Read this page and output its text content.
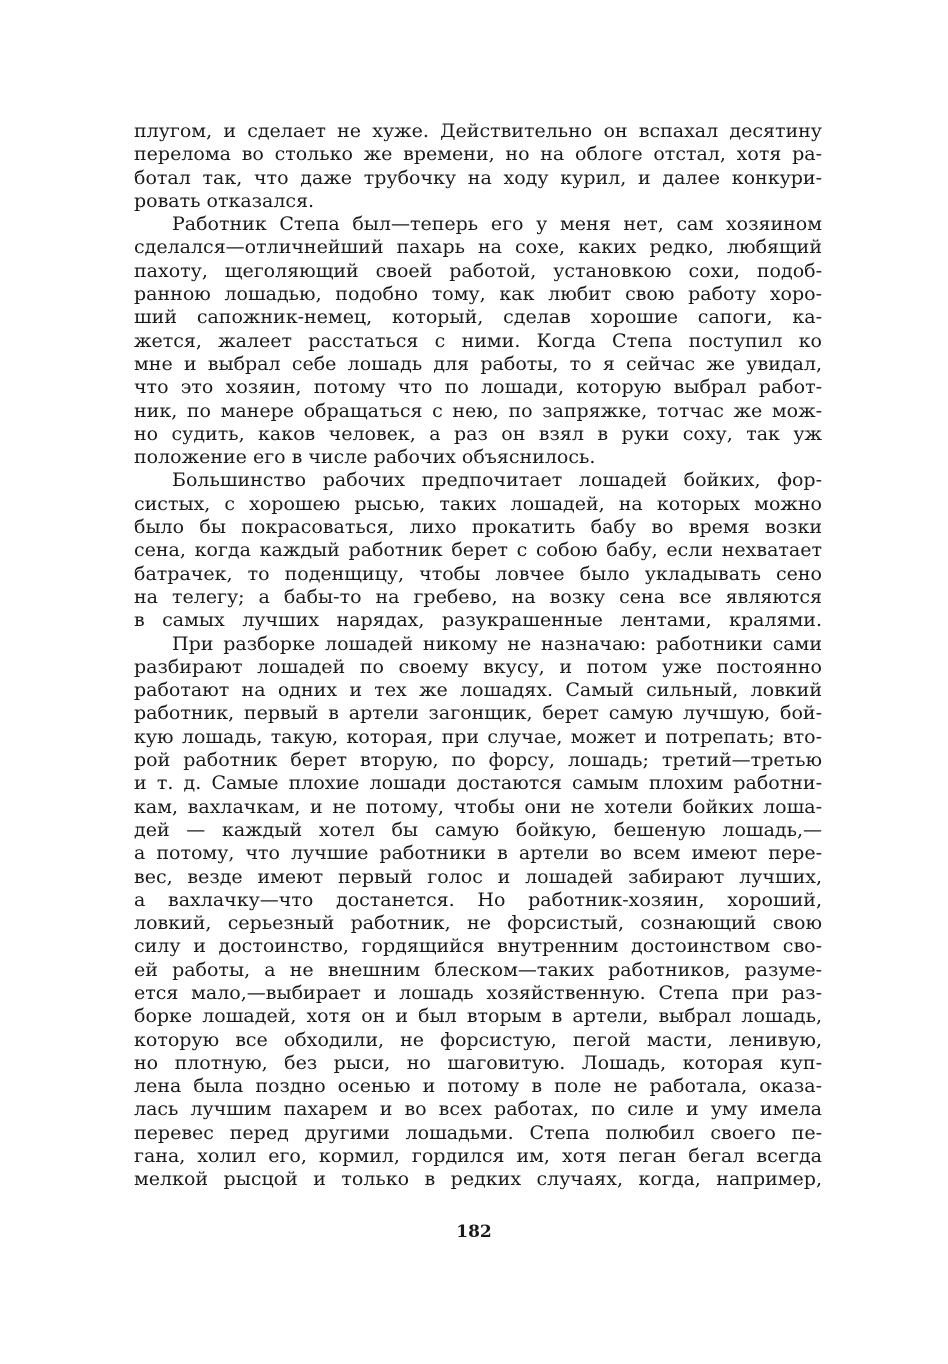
плугом, и сделает не хуже. Действительно он вспахал десятину
перелома во столько же времени, но на облоге отстал, хотя ра-
ботал так, что даже трубочку на ходу курил, и далее конкури-
ровать отказался.
Работник Степа был—теперь его у меня нет, сам хозяином
сделался—отличнейший пахарь на сохе, каких редко, любящий
пахоту, щеголяющий своей работой, установкою сохи, подоб-
ранною лошадью, подобно тому, как любит свою работу хоро-
ший сапожник-немец, который, сделав хорошие сапоги, ка-
жется, жалеет расстаться с ними. Когда Степа поступил ко
мне и выбрал себе лошадь для работы, то я сейчас же увидал,
что это хозяин, потому что по лошади, которую выбрал работ-
ник, по манере обращаться с нею, по запряжке, тотчас же мож-
но судить, каков человек, а раз он взял в руки соху, так уж
положение его в числе рабочих объяснилось.
Большинство рабочих предпочитает лошадей бойких, фор-
систых, с хорошею рысью, таких лошадей, на которых можно
было бы покрасоваться, лихо прокатить бабу во время возки
сена, когда каждый работник берет с собою бабу, если нехватает
батрачек, то поденщицу, чтобы ловчее было укладывать сено
на телегу; а бабы-то на гребево, на возку сена все являются
в самых лучших нарядах, разукрашенные лентами, кралями.
При разборке лошадей никому не назначаю: работники сами
разбирают лошадей по своему вкусу, и потом уже постоянно
работают на одних и тех же лошадях. Самый сильный, ловкий
работник, первый в артели загонщик, берет самую лучшую, бой-
кую лошадь, такую, которая, при случае, может и потрепать; вто-
рой работник берет вторую, по форсу, лошадь; третий—третью
и т. д. Самые плохие лошади достаются самым плохим работни-
кам, вахлачкам, и не потому, чтобы они не хотели бойких лоша-
дей — каждый хотел бы самую бойкую, бешеную лошадь,—
а потому, что лучшие работники в артели во всем имеют пере-
вес, везде имеют первый голос и лошадей забирают лучших,
а вахлачку—что достанется. Но работник-хозяин, хороший,
ловкий, серьезный работник, не форсистый, сознающий свою
силу и достоинство, гордящийся внутренним достоинством сво-
ей работы, а не внешним блеском—таких работников, разуме-
ется мало,—выбирает и лошадь хозяйственную. Степа при раз-
борке лошадей, хотя он и был вторым в артели, выбрал лошадь,
которую все обходили, не форсистую, пегой масти, ленивую,
но плотную, без рыси, но шаговитую. Лошадь, которая куп-
лена была поздно осенью и потому в поле не работала, оказа-
лась лучшим пахарем и во всех работах, по силе и уму имела
перевес перед другими лошадьми. Степа полюбил своего пе-
гана, холил его, кормил, гордился им, хотя пеган бегал всегда
мелкой рысцой и только в редких случаях, когда, например,
182
